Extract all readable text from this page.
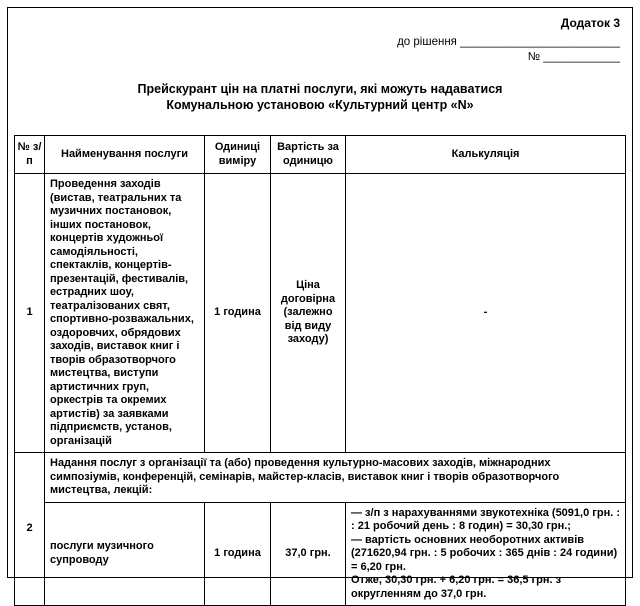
Додаток 3
до рішення _________________________
№ ____________
Прейскурант цін на платні послуги, які можуть надаватися
Комунальною установою «Культурний центр «N»
№ з/п	Найменування послуги	Одиниці виміру	Вартість за одиницю	Калькуляція
1	Проведення заходів (вистав, театральних та музичних постановок, інших постановок, концертів художньої самодіяльності, спектаклів, концертів-презентацій, фестивалів, естрадних шоу, театралізованих свят, спортивно-розважальних, оздоровчих, обрядових заходів, виставок книг і творів образотворчого мистецтва, виступи артистичних груп, оркестрів та окремих артистів) за заявками підприємств, установ, організацій	1 година	Ціна договірна (залежно від виду заходу)	-
2	Надання послуг з організації та (або) проведення культурно-масових заходів, міжнародних симпозіумів, конференцій, семінарів, майстер-класів, виставок книг і творів образотворчого мистецтва, лекцій:			
	послуги музичного супроводу	1 година	37,0 грн.	— з/п з нарахуваннями звукотехніка (5091,0 грн. : : 21 робочий день : 8 годин) = 30,30 грн.;
— вартість основних необоротних активів (271620,94 грн. : 5 робочих : 365 днів : 24 години) = 6,20 грн.
Отже, 30,30 грн. + 6,20 грн. = 36,5 грн. з округленням до 37,0 грн.
